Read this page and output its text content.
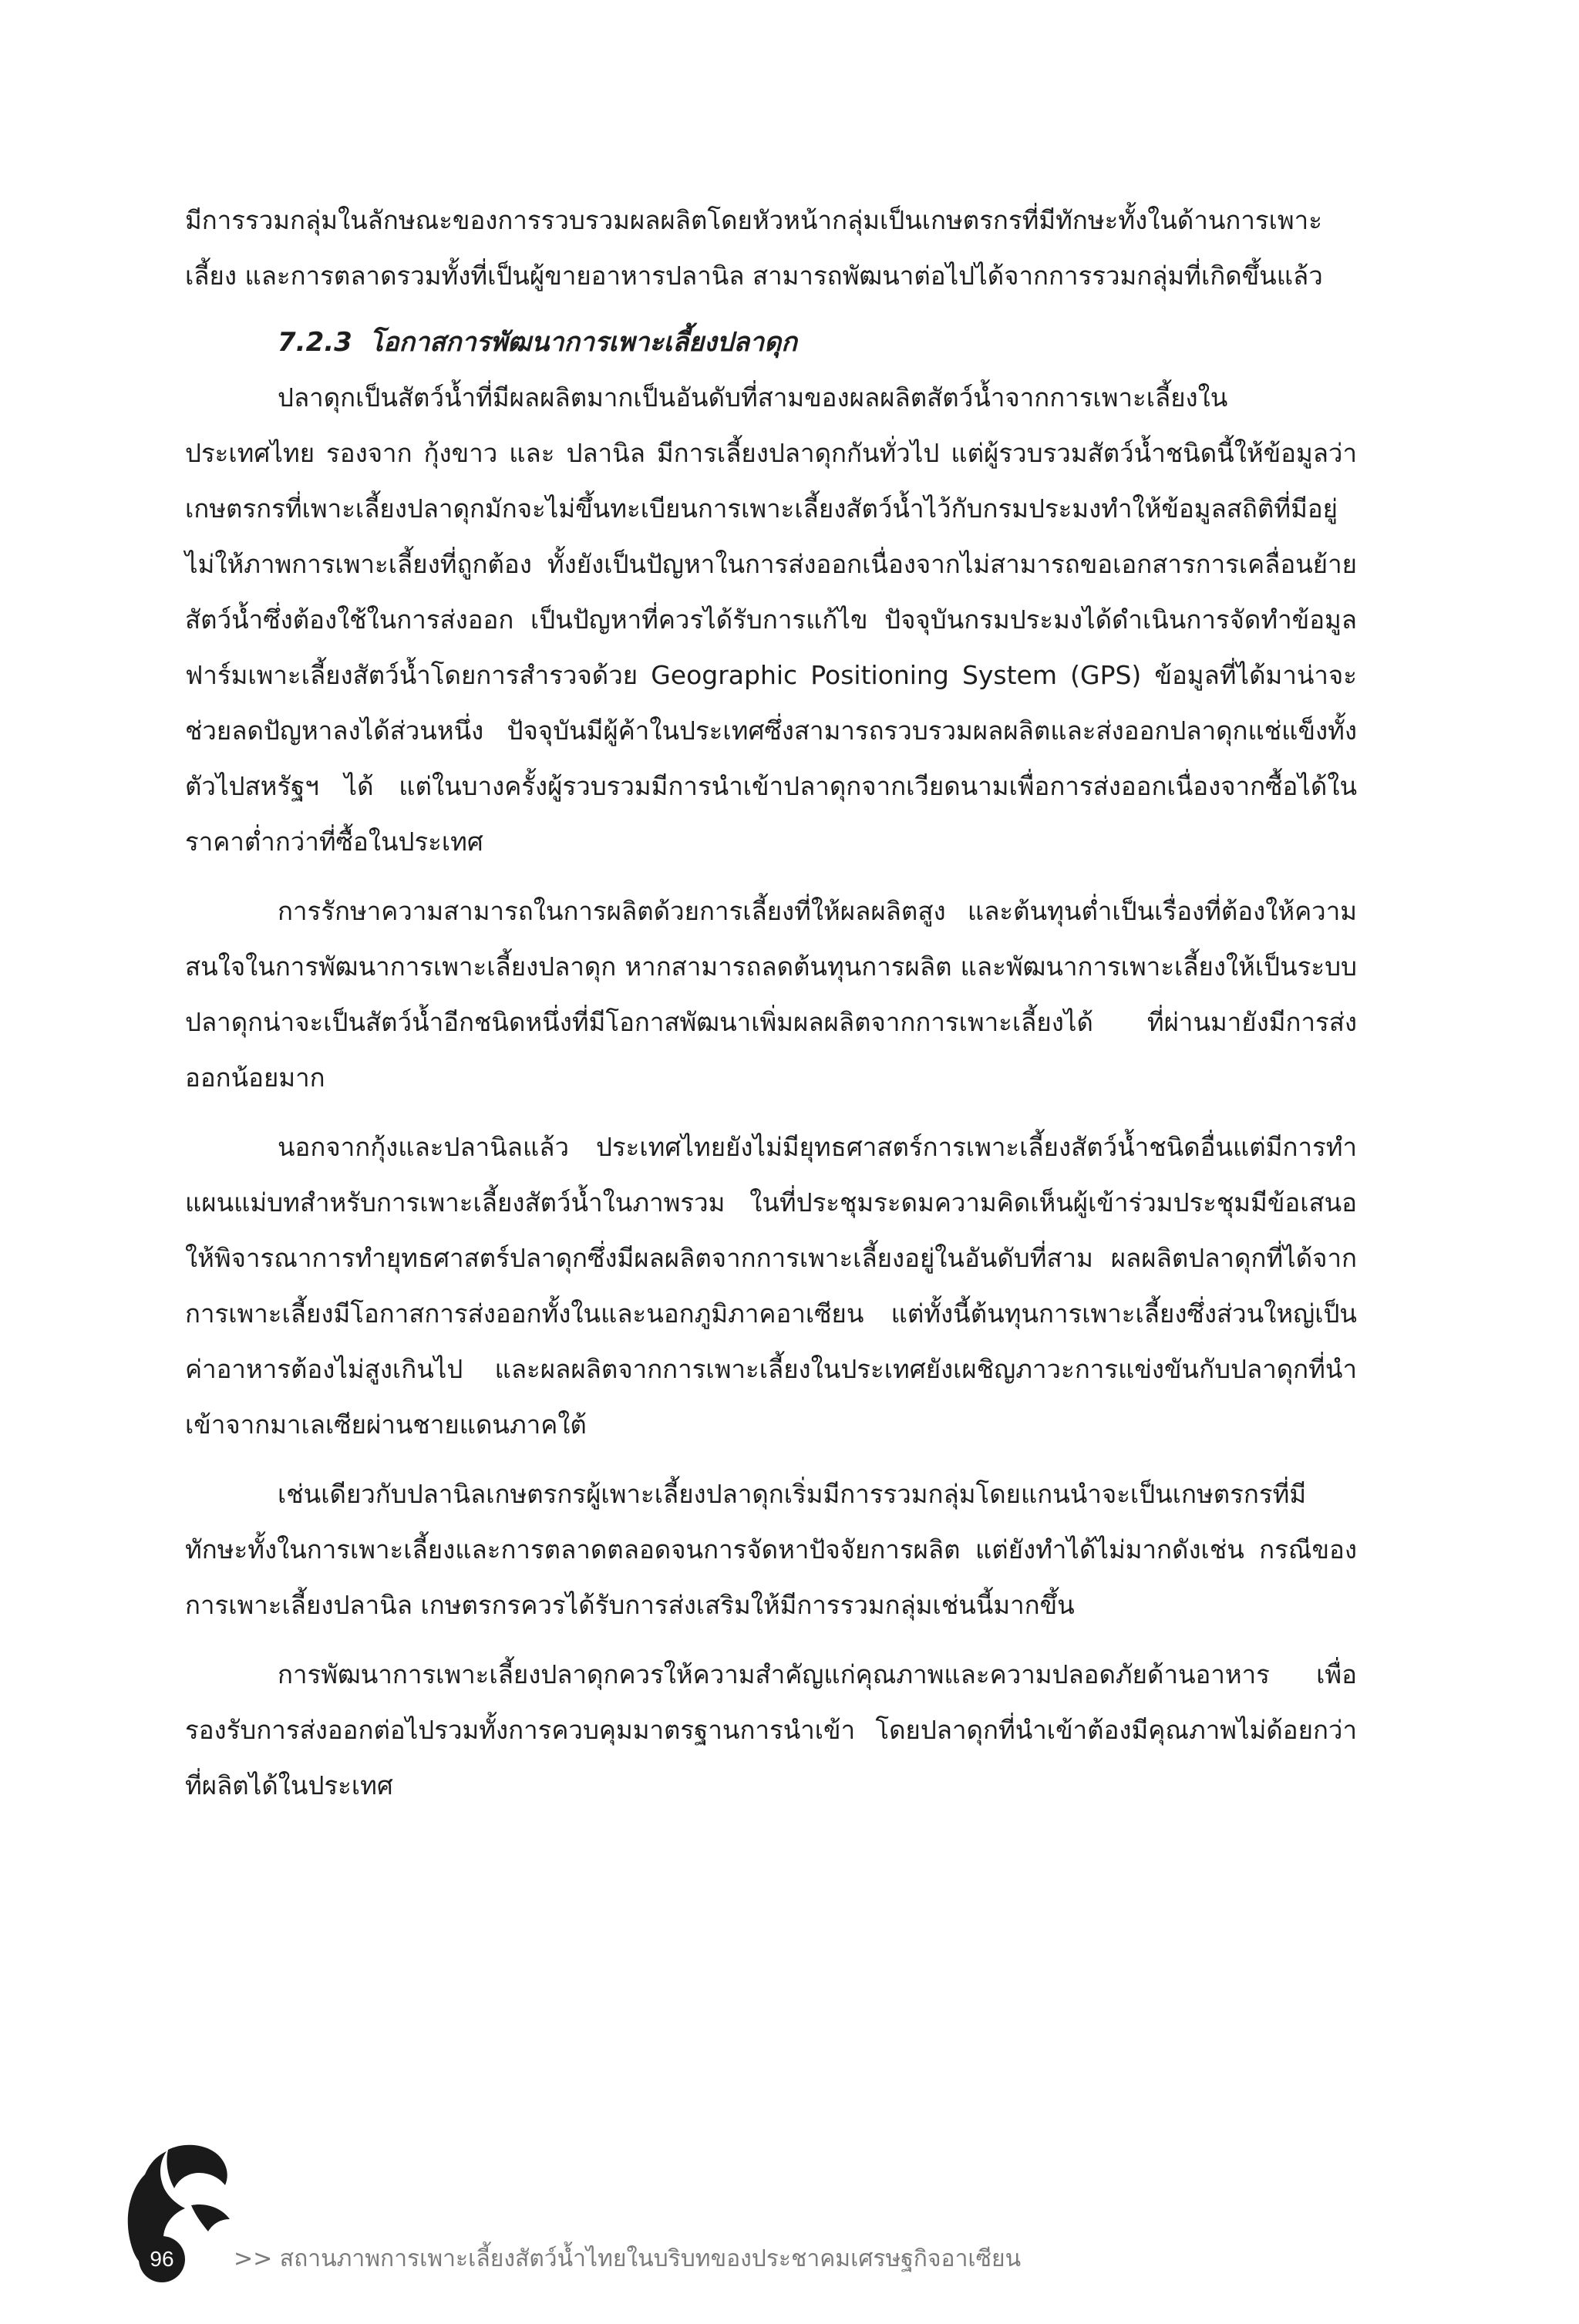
มีการรวมกลุ่มในลักษณะของการรวบรวมผลผลิตโดยหัวหน้ากลุ่มเป็นเกษตรกรที่มีทักษะทั้งในด้านการเพาะเลี้ยง และการตลาดรวมทั้งที่เป็นผู้ขายอาหารปลานิล สามารถพัฒนาต่อไปได้จากการรวมกลุ่มที่เกิดขึ้นแล้ว

7.2.3 โอกาสการพัฒนาการเพาะเลี้ยงปลาดุก

ปลาดุกเป็นสัตว์น้ำที่มีผลผลิตมากเป็นอันดับที่สามของผลผลิตสัตว์น้ำจากการเพาะเลี้ยงในประเทศไทย รองจาก กุ้งขาว และ ปลานิล มีการเลี้ยงปลาดุกกันทั่วไป แต่ผู้รวบรวมสัตว์น้ำชนิดนี้ให้ข้อมูลว่าเกษตรกรที่เพาะเลี้ยงปลาดุกมักจะไม่ขึ้นทะเบียนการเพาะเลี้ยงสัตว์น้ำไว้กับกรมประมงทำให้ข้อมูลสถิติที่มีอยู่ไม่ให้ภาพการเพาะเลี้ยงที่ถูกต้อง ทั้งยังเป็นปัญหาในการส่งออกเนื่องจากไม่สามารถขอเอกสารการเคลื่อนย้ายสัตว์น้ำซึ่งต้องใช้ในการส่งออก เป็นปัญหาที่ควรได้รับการแก้ไข ปัจจุบันกรมประมงได้ดำเนินการจัดทำข้อมูลฟาร์มเพาะเลี้ยงสัตว์น้ำโดยการสำรวจด้วย Geographic Positioning System (GPS) ข้อมูลที่ได้มาน่าจะช่วยลดปัญหาลงได้ส่วนหนึ่ง ปัจจุบันมีผู้ค้าในประเทศซึ่งสามารถรวบรวมผลผลิตและส่งออกปลาดุกแช่แข็งทั้งตัวไปสหรัฐฯ ได้ แต่ในบางครั้งผู้รวบรวมมีการนำเข้าปลาดุกจากเวียดนามเพื่อการส่งออกเนื่องจากซื้อได้ในราคาต่ำกว่าที่ซื้อในประเทศ

การรักษาความสามารถในการผลิตด้วยการเลี้ยงที่ให้ผลผลิตสูง และต้นทุนต่ำเป็นเรื่องที่ต้องให้ความสนใจในการพัฒนาการเพาะเลี้ยงปลาดุก หากสามารถลดต้นทุนการผลิต และพัฒนาการเพาะเลี้ยงให้เป็นระบบ ปลาดุกน่าจะเป็นสัตว์น้ำอีกชนิดหนึ่งที่มีโอกาสพัฒนาเพิ่มผลผลิตจากการเพาะเลี้ยงได้ ที่ผ่านมายังมีการส่งออกน้อยมาก

นอกจากกุ้งและปลานิลแล้ว ประเทศไทยยังไม่มียุทธศาสตร์การเพาะเลี้ยงสัตว์น้ำชนิดอื่นแต่มีการทำแผนแม่บทสำหรับการเพาะเลี้ยงสัตว์น้ำในภาพรวม ในที่ประชุมระดมความคิดเห็นผู้เข้าร่วมประชุมมีข้อเสนอให้พิจารณาการทำยุทธศาสตร์ปลาดุกซึ่งมีผลผลิตจากการเพาะเลี้ยงอยู่ในอันดับที่สาม ผลผลิตปลาดุกที่ได้จากการเพาะเลี้ยงมีโอกาสการส่งออกทั้งในและนอกภูมิภาคอาเซียน แต่ทั้งนี้ต้นทุนการเพาะเลี้ยงซึ่งส่วนใหญ่เป็นค่าอาหารต้องไม่สูงเกินไป และผลผลิตจากการเพาะเลี้ยงในประเทศยังเผชิญภาวะการแข่งขันกับปลาดุกที่นำเข้าจากมาเลเซียผ่านชายแดนภาคใต้

เช่นเดียวกับปลานิลเกษตรกรผู้เพาะเลี้ยงปลาดุกเริ่มมีการรวมกลุ่มโดยแกนนำจะเป็นเกษตรกรที่มีทักษะทั้งในการเพาะเลี้ยงและการตลาดตลอดจนการจัดหาปัจจัยการผลิต แต่ยังทำได้ไม่มากดังเช่น กรณีของการเพาะเลี้ยงปลานิล เกษตรกรควรได้รับการส่งเสริมให้มีการรวมกลุ่มเช่นนี้มากขึ้น

การพัฒนาการเพาะเลี้ยงปลาดุกควรให้ความสำคัญแก่คุณภาพและความปลอดภัยด้านอาหาร เพื่อรองรับการส่งออกต่อไปรวมทั้งการควบคุมมาตรฐานการนำเข้า โดยปลาดุกที่นำเข้าต้องมีคุณภาพไม่ด้อยกว่าที่ผลิตได้ในประเทศ

96	>> สถานภาพการเพาะเลี้ยงสัตว์น้ำไทยในบริบทของประชาคมเศรษฐกิจอาเซียน
